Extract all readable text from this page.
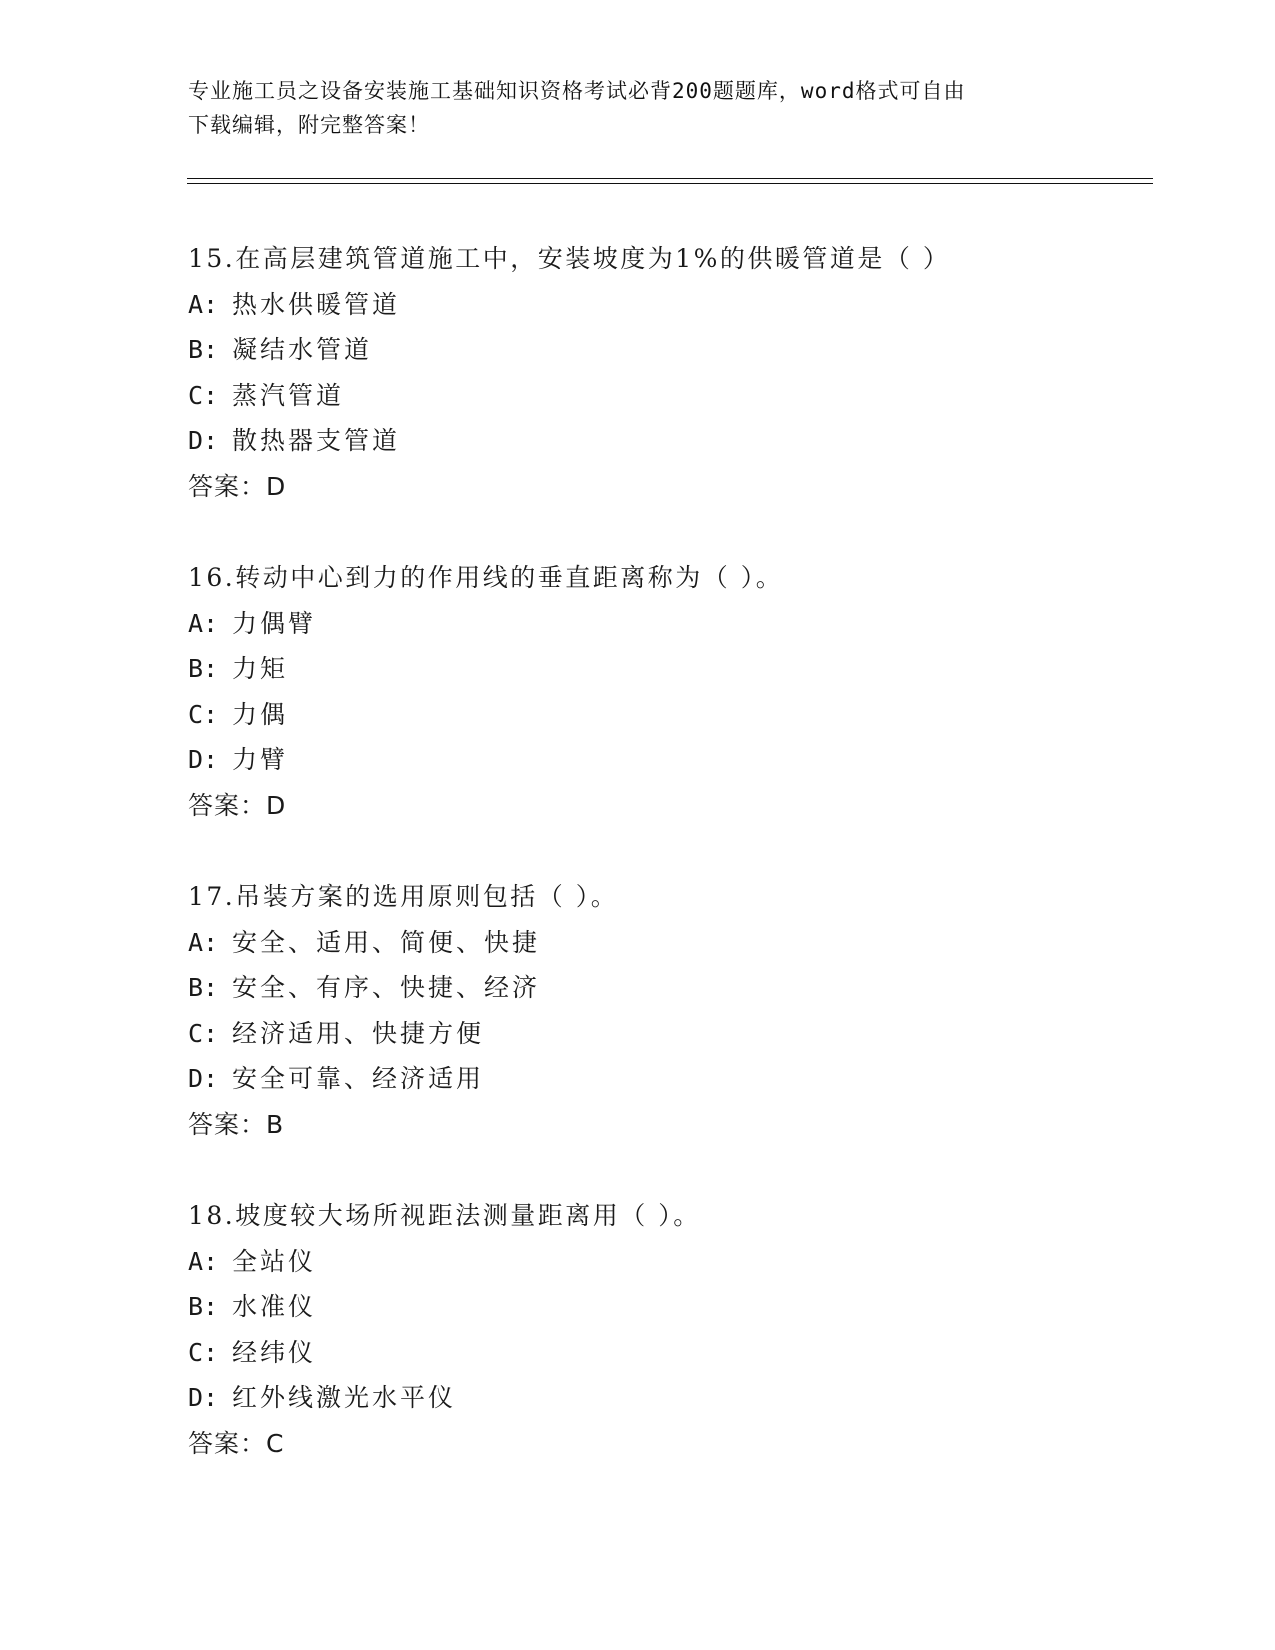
专业施工员之设备安装施工基础知识资格考试必背200题题库，word格式可自由
下载编辑，附完整答案！
15.在高层建筑管道施工中，安装坡度为1%的供暖管道是（ ）
A: 热水供暖管道
B: 凝结水管道
C: 蒸汽管道
D: 散热器支管道
答案：D
16.转动中心到力的作用线的垂直距离称为（ ）。
A: 力偶臂
B: 力矩
C: 力偶
D: 力臂
答案：D
17.吊装方案的选用原则包括（ ）。
A: 安全、适用、简便、快捷
B: 安全、有序、快捷、经济
C: 经济适用、快捷方便
D: 安全可靠、经济适用
答案：B
18.坡度较大场所视距法测量距离用（ ）。
A: 全站仪
B: 水准仪
C: 经纬仪
D: 红外线激光水平仪
答案：C
